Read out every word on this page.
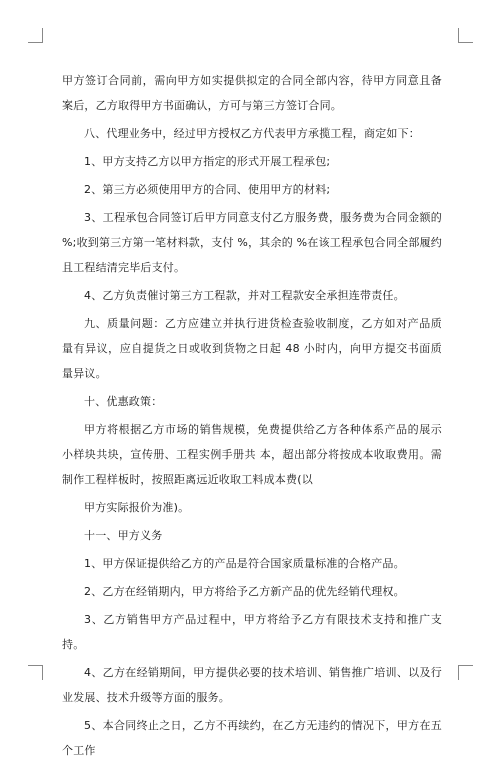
甲方签订合同前，需向甲方如实提供拟定的合同全部内容，待甲方同意且备案后，乙方取得甲方书面确认，方可与第三方签订合同。

八、代理业务中，经过甲方授权乙方代表甲方承揽工程，商定如下：

1、甲方支持乙方以甲方指定的形式开展工程承包;

2、第三方必须使用甲方的合同、使用甲方的材料;

3、工程承包合同签订后甲方同意支付乙方服务费，服务费为合同金额的 %;收到第三方第一笔材料款，支付 %，其余的 %在该工程承包合同全部履约且工程结清完毕后支付。

4、乙方负责催讨第三方工程款，并对工程款安全承担连带责任。

九、质量问题：乙方应建立并执行进货检查验收制度，乙方如对产品质量有异议，应自提货之日或收到货物之日起 48 小时内，向甲方提交书面质量异议。

十、优惠政策：

甲方将根据乙方市场的销售规模，免费提供给乙方各种体系产品的展示小样块共块，宣传册、工程实例手册共 本，超出部分将按成本收取费用。需制作工程样板时，按照距离远近收取工料成本费(以

甲方实际报价为准)。

十一、甲方义务

1、甲方保证提供给乙方的产品是符合国家质量标准的合格产品。

2、乙方在经销期内，甲方将给予乙方新产品的优先经销代理权。

3、乙方销售甲方产品过程中，甲方将给予乙方有限技术支持和推广支持。

4、乙方在经销期间，甲方提供必要的技术培训、销售推广培训、以及行业发展、技术升级等方面的服务。

5、本合同终止之日，乙方不再续约，在乙方无违约的情况下，甲方在五个工作
